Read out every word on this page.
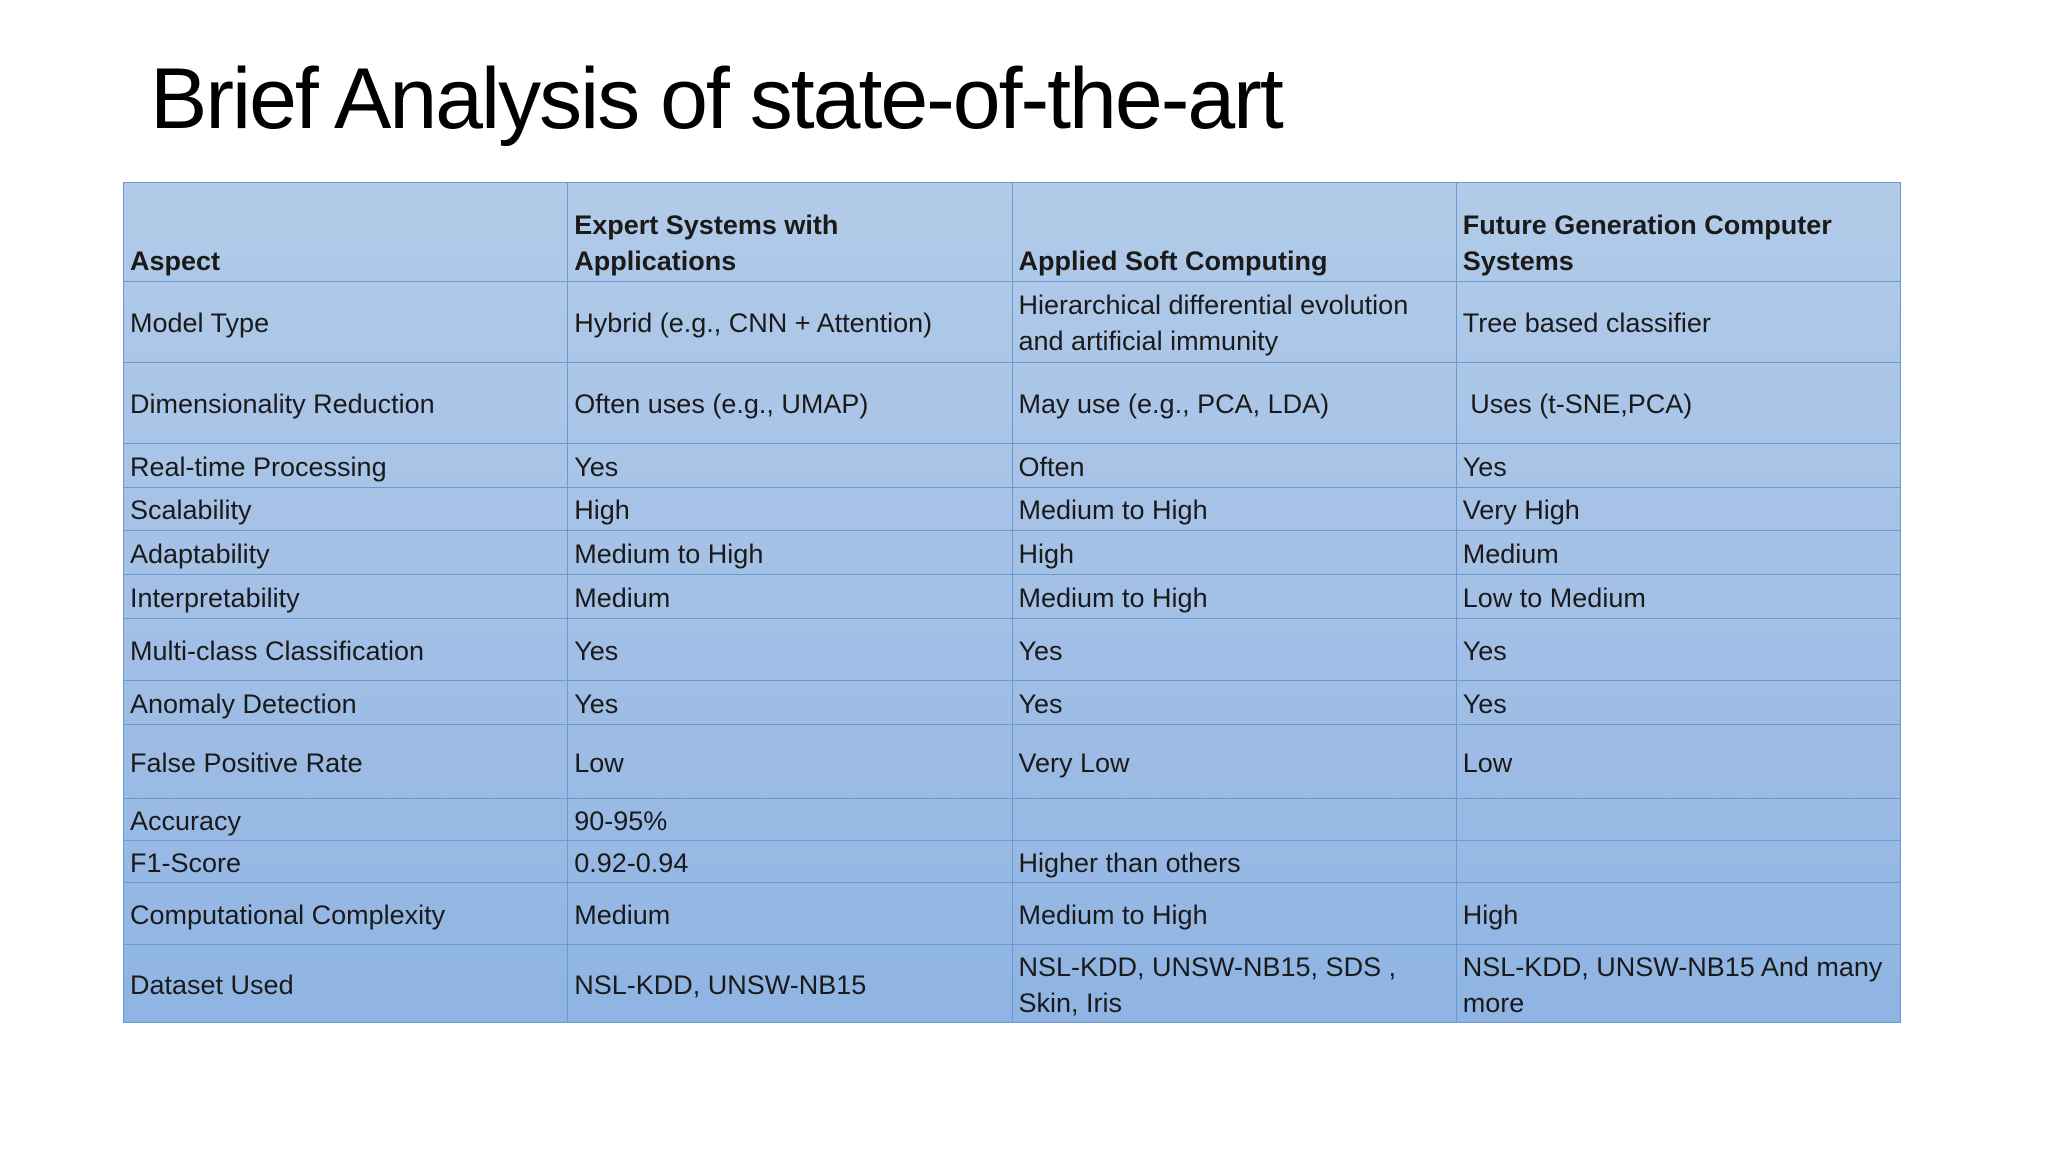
Brief Analysis of state-of-the-art
Aspect	Expert Systems with Applications	Applied Soft Computing	Future Generation Computer Systems
Model Type	Hybrid (e.g., CNN + Attention)	Hierarchical differential evolution and artificial immunity	Tree based classifier
Dimensionality Reduction	Often uses (e.g., UMAP)	May use (e.g., PCA, LDA)	Uses (t-SNE,PCA)
Real-time Processing	Yes	Often	Yes
Scalability	High	Medium to High	Very High
Adaptability	Medium to High	High	Medium
Interpretability	Medium	Medium to High	Low to Medium
Multi-class Classification	Yes	Yes	Yes
Anomaly Detection	Yes	Yes	Yes
False Positive Rate	Low	Very Low	Low
Accuracy	90-95%		
F1-Score	0.92-0.94	Higher than others	
Computational Complexity	Medium	Medium to High	High
Dataset Used	NSL-KDD, UNSW-NB15	NSL-KDD, UNSW-NB15, SDS , Skin, Iris	NSL-KDD, UNSW-NB15 And many more
